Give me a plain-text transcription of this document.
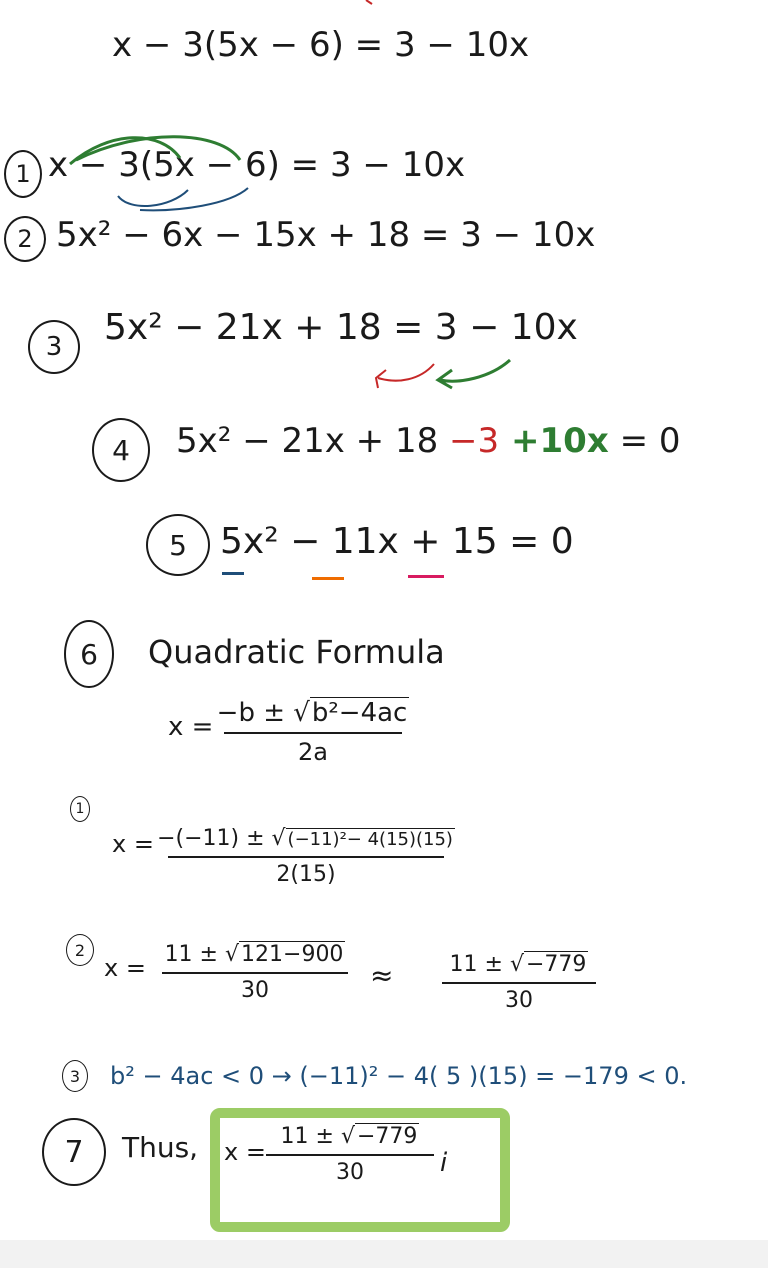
x − 3(5x − 6) = 3 − 10x
1 x − 3(5x − 6) = 3 − 10x
2 5x² − 6x − 15x + 18 = 3 − 10x
3	5x² − 21x + 18 = 3 − 10x
4	5x² − 21x + 18 −3 +10x = 0
5 5x² − 11x + 15 = 0
6	Quadratic Formula
x = −b ± √b²−4ac
2a
1
x = −(−11) ± √ (−11)²− 4(15)(15)
2(15)
2
x = 11 ± √121−900
30	≈	11 ± √−779
30
3	b² − 4ac < 0 → (−11)² − 4( 5 )(15) = −179 < 0.
7	Thus, x =
11 ± √−779
30	i
